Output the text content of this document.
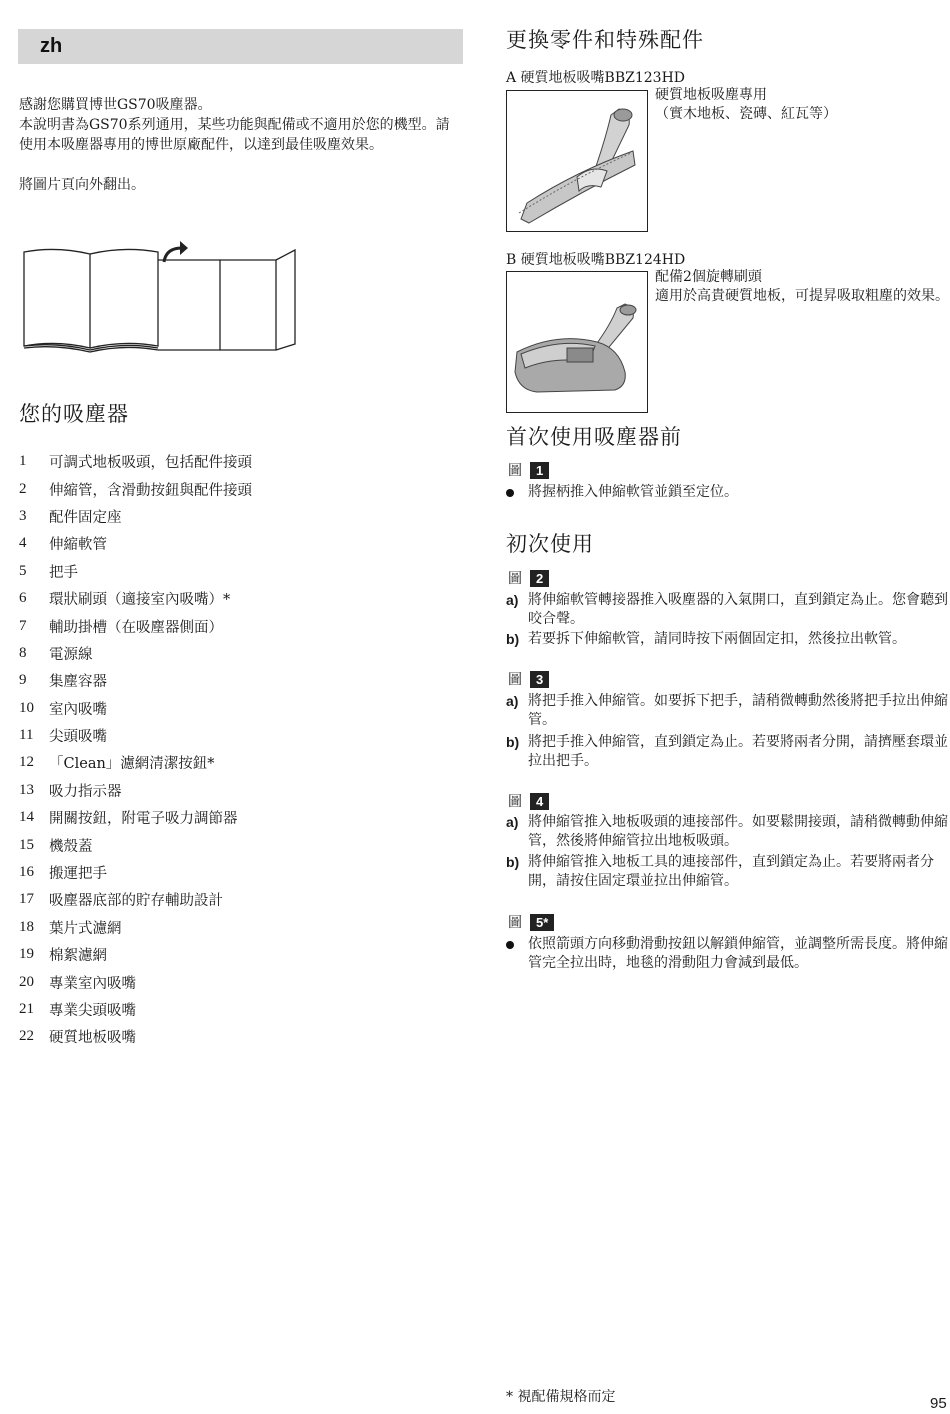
zh

感謝您購買博世GS70吸塵器。

本說明書為GS70系列通用，某些功能與配備或不適用於您的機型。請使用本吸塵器專用的博世原廠配件，以達到最佳吸塵效果。

將圖片頁向外翻出。

您的吸塵器
1	可調式地板吸頭，包括配件接頭
2	伸縮管，含滑動按鈕與配件接頭
3	配件固定座
4	伸縮軟管
5	把手
6	環狀刷頭（適接室內吸嘴）*
7	輔助掛槽（在吸塵器側面）
8	電源線
9	集塵容器
10	室內吸嘴
11	尖頭吸嘴
12	「Clean」濾網清潔按鈕*
13	吸力指示器
14	開關按鈕，附電子吸力調節器
15	機殼蓋
16	搬運把手
17	吸塵器底部的貯存輔助設計
18	葉片式濾網
19	棉絮濾網
20	專業室內吸嘴
21	專業尖頭吸嘴
22	硬質地板吸嘴
更換零件和特殊配件
A 硬質地板吸嘴BBZ123HD
硬質地板吸塵專用
（實木地板、瓷磚、紅瓦等）
B 硬質地板吸嘴BBZ124HD
配備2個旋轉刷頭
適用於高貴硬質地板，可提昇吸取粗塵的效果。
首次使用吸塵器前
圖	1
將握柄推入伸縮軟管並鎖至定位。
初次使用
圖	2
a) 將伸縮軟管轉接器推入吸塵器的入氣開口，直到鎖定為止。您會聽到咬合聲。
b) 若要拆下伸縮軟管，請同時按下兩個固定扣，然後拉出軟管。
圖	3
a) 將把手推入伸縮管。如要拆下把手，請稍微轉動然後將把手拉出伸縮管。
b) 將把手推入伸縮管，直到鎖定為止。若要將兩者分開，請擠壓套環並拉出把手。
圖	4
a) 將伸縮管推入地板吸頭的連接部件。如要鬆開接頭，請稍微轉動伸縮管，然後將伸縮管拉出地板吸頭。
b) 將伸縮管推入地板工具的連接部件，直到鎖定為止。若要將兩者分開，請按住固定環並拉出伸縮管。
圖	5*
依照箭頭方向移動滑動按鈕以解鎖伸縮管，並調整所需長度。將伸縮管完全拉出時，地毯的滑動阻力會減到最低。
* 視配備規格而定	95
